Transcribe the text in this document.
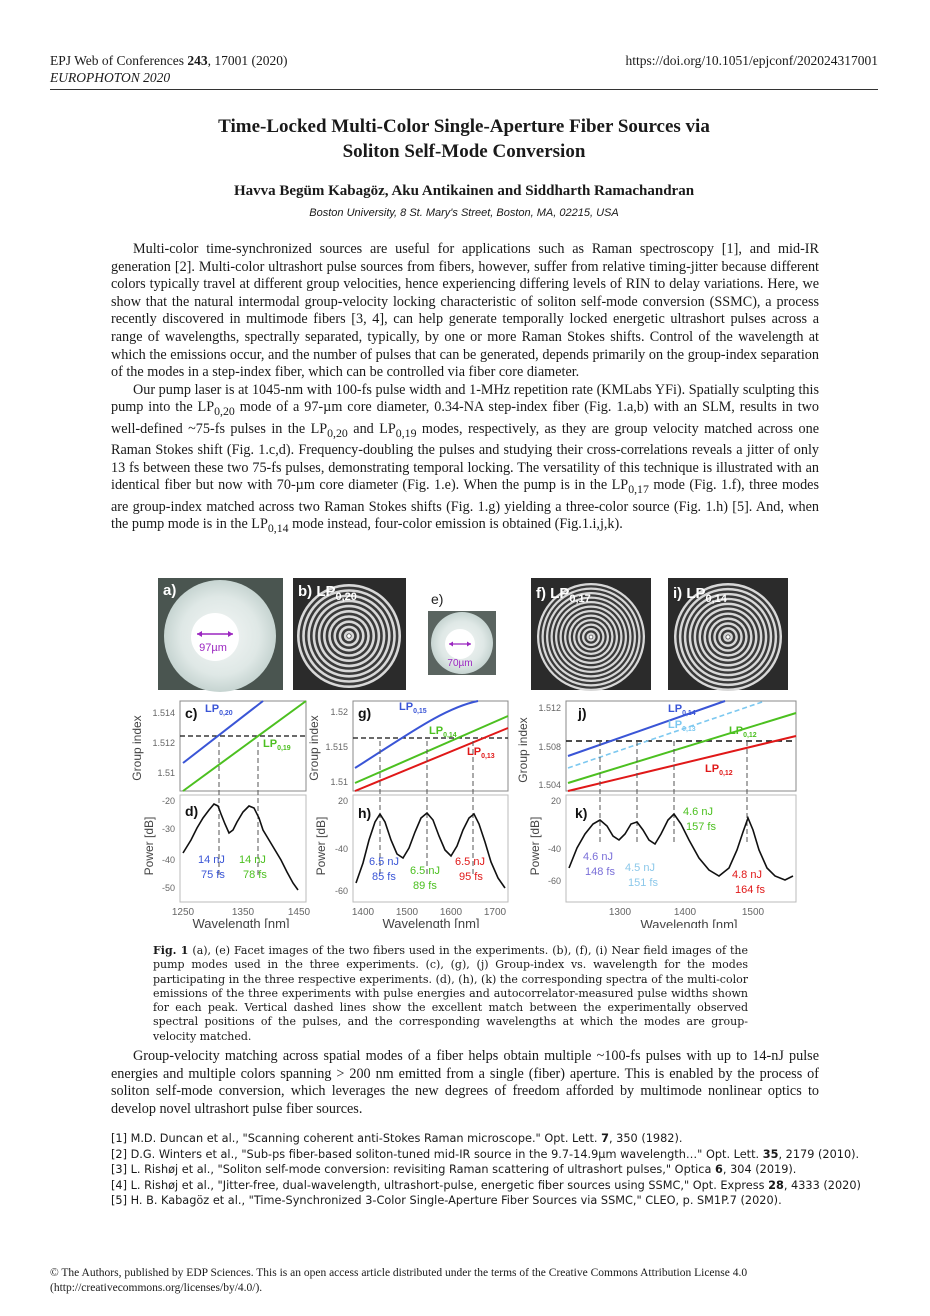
EPJ Web of Conferences 243, 17001 (2020)
EUROPHOTON 2020
https://doi.org/10.1051/epjconf/202024317001
Time-Locked Multi-Color Single-Aperture Fiber Sources via
Soliton Self-Mode Conversion
Havva Begüm Kabagöz, Aku Antikainen and Siddharth Ramachandran
Boston University, 8 St. Mary's Street, Boston, MA, 02215, USA

Multi-color time-synchronized sources are useful for applications such as Raman spectroscopy [1], and mid-IR generation [2]. Multi-color ultrashort pulse sources from fibers, however, suffer from relative timing-jitter because different colors typically travel at different group velocities, hence experiencing differing levels of RIN to delay variations. Here, we show that the natural intermodal group-velocity locking characteristic of soliton self-mode conversion (SSMC), a process recently discovered in multimode fibers [3, 4], can help generate temporally locked energetic ultrashort pulses across a range of wavelengths, spectrally separated, typically, by one or more Raman Stokes shifts. Control of the wavelength at which the emissions occur, and the number of pulses that can be generated, depends primarily on the group-index separation of the modes in a step-index fiber, which can be controlled via fiber core diameter.

Our pump laser is at 1045-nm with 100-fs pulse width and 1-MHz repetition rate (KMLabs YFi). Spatially sculpting this pump into the $LP_{0,20}$ mode of a 97-µm core diameter, 0.34-NA step-index fiber (Fig. 1.a,b) with an SLM, results in two well-defined ~75-fs pulses in the $LP_{0,20}$ and $LP_{0,19}$ modes, respectively, as they are group velocity matched across one Raman Stokes shift (Fig. 1.c,d). Frequency-doubling the pulses and studying their cross-correlations reveals a jitter of only 13 fs between these two 75-fs pulses, demonstrating temporal locking. The versatility of this technique is illustrated with an identical fiber but now with 70-µm core diameter (Fig. 1.e). When the pump is in the $LP_{0,17}$ mode (Fig. 1.f), three modes are group-index matched across two Raman Stokes shifts (Fig. 1.g) yielding a three-color source (Fig. 1.h) [5]. And, when the pump mode is in the $LP_{0,14}$ mode instead, four-color emission is obtained (Fig.1.i,j,k).

97µm
a)	b) $LP_{0,20}$	e)
70µm
f) $LP_{0,17}$	i) $LP_{0,14}$
Group index	Group index	Group index
1.514
1.512
1.51
c) $LP_{0,20}$
$LP_{0,19}$
1.52
1.515
1.51
g)	$LP_{0,15}$
$LP_{0,14}$
$LP_{0,13}$
1.512
1.508
1.504
j)	$LP_{0,14}$
$LP_{0,13}$	$LP_{0,12}$
$LP_{0,12}$
Power [dB]	Power [dB]	Power [dB]
-20
-30
-40
-50
d)
14 nJ
75 fs
14 nJ
78 fs
1250	1350	1450
Wavelength [nm]
20
-40
-60
h)
6.5 nJ
85 fs 6.5 nJ
89 fs
6.5 nJ
95 fs
1400 1500 1600 1700
Wavelength [nm]
20
-40
-60
k)
4.6 nJ
148 fs 4.5 nJ
151 fs
4.6 nJ
157 fs
4.8 nJ
164 fs
1300	1400	1500
Wavelength [nm]
Fig. 1 (a), (e) Facet images of the two fibers used in the experiments. (b), (f), (i) Near field images of the pump modes used in the three experiments. (c), (g), (j) Group-index vs. wavelength for the modes participating in the three respective experiments. (d), (h), (k) the corresponding spectra of the multi-color emissions of the three experiments with pulse energies and autocorrelator-measured pulse widths shown for each peak. Vertical dashed lines show the excellent match between the experimentally observed spectral positions of the pulses, and the corresponding wavelengths at which the modes are group-velocity matched.

Group-velocity matching across spatial modes of a fiber helps obtain multiple ~100-fs pulses with up to 14-nJ pulse energies and multiple colors spanning > 200 nm emitted from a single (fiber) aperture. This is enabled by the process of soliton self-mode conversion, which leverages the new degrees of freedom afforded by multimode nonlinear optics to develop novel ultrashort pulse fiber sources.

[1] M.D. Duncan et al., "Scanning coherent anti-Stokes Raman microscope." Opt. Lett. 7, 350 (1982).
[2] D.G. Winters et al., "Sub-ps fiber-based soliton-tuned mid-IR source in the 9.7-14.9µm wavelength…" Opt. Lett. 35, 2179 (2010).
[3] L. Rishøj et al., "Soliton self-mode conversion: revisiting Raman scattering of ultrashort pulses," Optica 6, 304 (2019).
[4] L. Rishøj et al., "Jitter-free, dual-wavelength, ultrashort-pulse, energetic fiber sources using SSMC," Opt. Express 28, 4333 (2020)
[5] H. B. Kabagöz et al., "Time-Synchronized 3-Color Single-Aperture Fiber Sources via SSMC," CLEO, p. SM1P.7 (2020).
© The Authors, published by EDP Sciences. This is an open access article distributed under the terms of the Creative Commons Attribution License 4.0
(http://creativecommons.org/licenses/by/4.0/).
